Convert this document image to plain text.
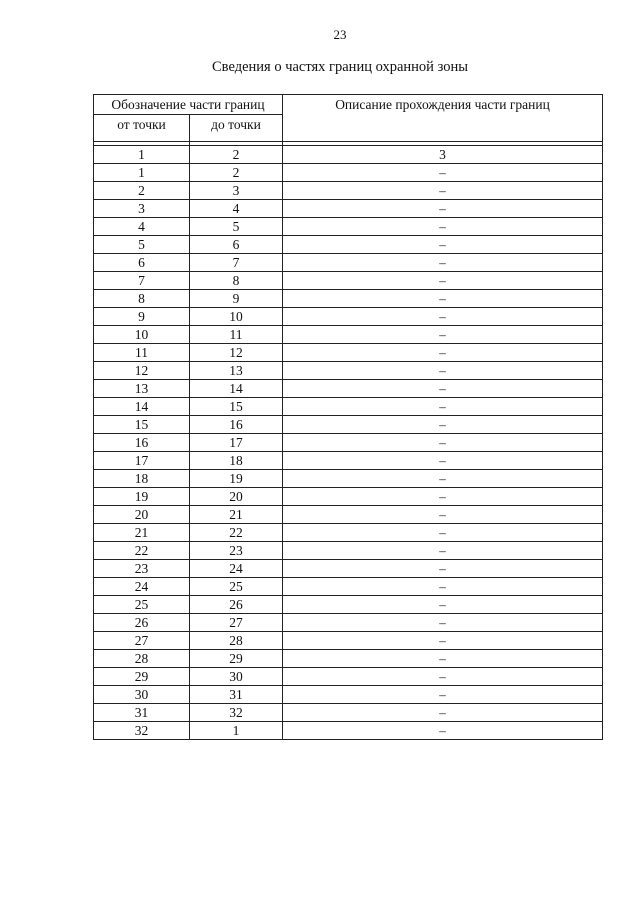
23
Сведения о частях границ охранной зоны
Обозначение части границ		Описание прохождения части границ
от точки	до точки	

1	2	3
1	2	–
2	3	–
3	4	–
4	5	–
5	6	–
6	7	–
7	8	–
8	9	–
9	10	–
10	11	–
11	12	–
12	13	–
13	14	–
14	15	–
15	16	–
16	17	–
17	18	–
18	19	–
19	20	–
20	21	–
21	22	–
22	23	–
23	24	–
24	25	–
25	26	–
26	27	–
27	28	–
28	29	–
29	30	–
30	31	–
31	32	–
32	1	–
